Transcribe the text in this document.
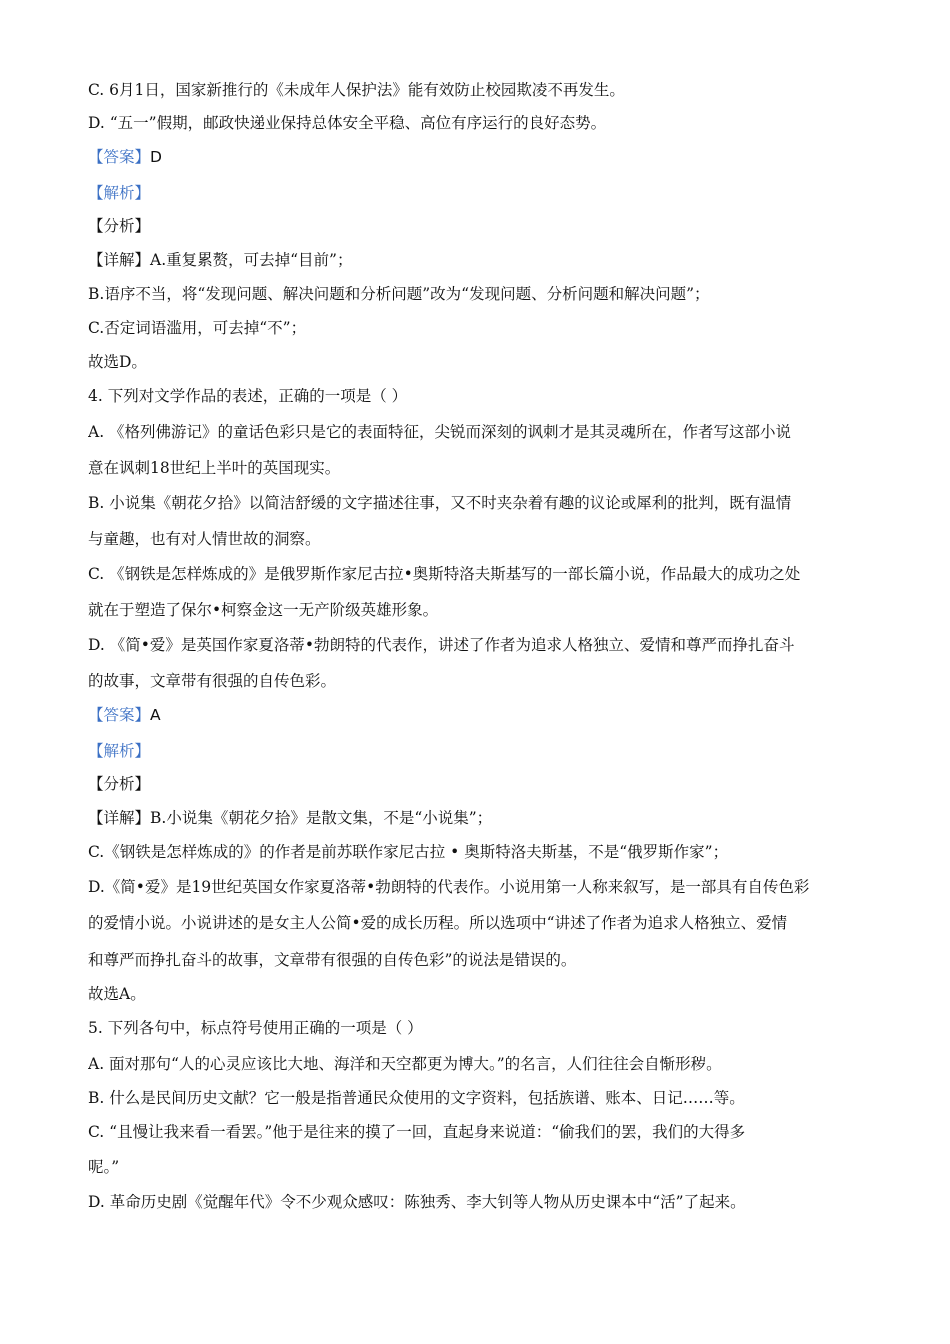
C. 6月1日，国家新推行的《未成年人保护法》能有效防止校园欺凌不再发生。
D. “五一”假期，邮政快递业保持总体安全平稳、高位有序运行的良好态势。
【答案】D
【解析】
【分析】
【详解】A.重复累赘，可去掉“目前”；
B.语序不当，将“发现问题、解决问题和分析问题”改为“发现问题、分析问题和解决问题”；
C.否定词语滥用，可去掉“不”；
故选D。
4. 下列对文学作品的表述，正确的一项是（ ）
A. 《格列佛游记》的童话色彩只是它的表面特征，尖锐而深刻的讽刺才是其灵魂所在，作者写这部小说
意在讽刺18世纪上半叶的英国现实。
B. 小说集《朝花夕拾》以简洁舒缓的文字描述往事，又不时夹杂着有趣的议论或犀利的批判，既有温情
与童趣，也有对人情世故的洞察。
C. 《钢铁是怎样炼成的》是俄罗斯作家尼古拉•奥斯特洛夫斯基写的一部长篇小说，作品最大的成功之处
就在于塑造了保尔•柯察金这一无产阶级英雄形象。
D. 《简•爱》是英国作家夏洛蒂•勃朗特的代表作，讲述了作者为追求人格独立、爱情和尊严而挣扎奋斗
的故事，文章带有很强的自传色彩。
【答案】A
【解析】
【分析】
【详解】B.小说集《朝花夕拾》是散文集，不是“小说集”；
C.《钢铁是怎样炼成的》的作者是前苏联作家尼古拉 • 奥斯特洛夫斯基，不是“俄罗斯作家”；
D.《简•爱》是19世纪英国女作家夏洛蒂•勃朗特的代表作。小说用第一人称来叙写，是一部具有自传色彩
的爱情小说。小说讲述的是女主人公简•爱的成长历程。所以选项中“讲述了作者为追求人格独立、爱情
和尊严而挣扎奋斗的故事，文章带有很强的自传色彩”的说法是错误的。
故选A。
5. 下列各句中，标点符号使用正确的一项是（ ）
A. 面对那句“人的心灵应该比大地、海洋和天空都更为博大。”的名言，人们往往会自惭形秽。
B. 什么是民间历史文献？它一般是指普通民众使用的文字资料，包括族谱、账本、日记……等。
C. “且慢让我来看一看罢。”他于是往来的摸了一回，直起身来说道：“偷我们的罢，我们的大得多
呢。”
D. 革命历史剧《觉醒年代》令不少观众感叹：陈独秀、李大钊等人物从历史课本中“活”了起来。
